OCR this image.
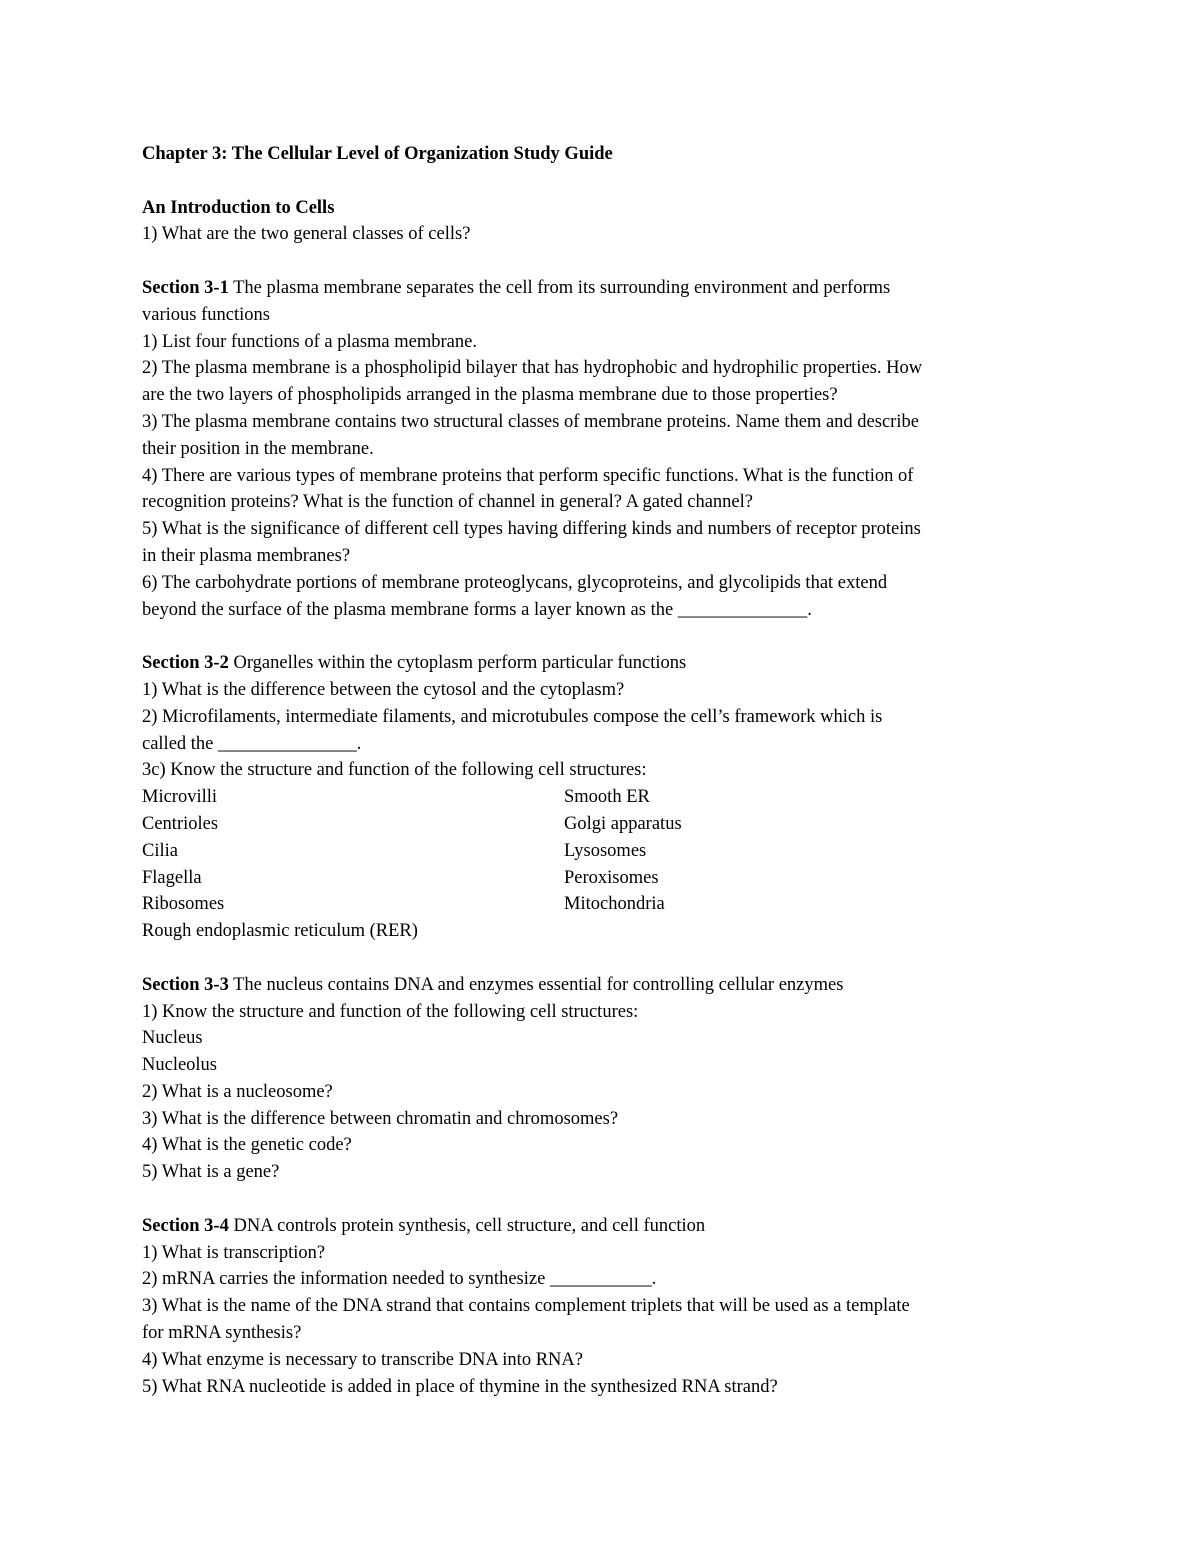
Chapter 3: The Cellular Level of Organization Study Guide
An Introduction to Cells
1) What are the two general classes of cells?
Section 3-1 The plasma membrane separates the cell from its surrounding environment and performs
various functions
1) List four functions of a plasma membrane.
2) The plasma membrane is a phospholipid bilayer that has hydrophobic and hydrophilic properties. How
are the two layers of phospholipids arranged in the plasma membrane due to those properties?
3) The plasma membrane contains two structural classes of membrane proteins. Name them and describe
their position in the membrane.
4) There are various types of membrane proteins that perform specific functions. What is the function of
recognition proteins? What is the function of channel in general? A gated channel?
5) What is the significance of different cell types having differing kinds and numbers of receptor proteins
in their plasma membranes?
6) The carbohydrate portions of membrane proteoglycans, glycoproteins, and glycolipids that extend
beyond the surface of the plasma membrane forms a layer known as the ______________.
Section 3-2 Organelles within the cytoplasm perform particular functions
1) What is the difference between the cytosol and the cytoplasm?
2) Microfilaments, intermediate filaments, and microtubules compose the cell’s framework which is
called the _______________.
3c) Know the structure and function of the following cell structures:
Microvilli	Smooth ER
Centrioles	Golgi apparatus
Cilia	Lysosomes
Flagella	Peroxisomes
Ribosomes	Mitochondria
Rough endoplasmic reticulum (RER)
Section 3-3 The nucleus contains DNA and enzymes essential for controlling cellular enzymes
1) Know the structure and function of the following cell structures:
Nucleus
Nucleolus
2) What is a nucleosome?
3) What is the difference between chromatin and chromosomes?
4) What is the genetic code?
5) What is a gene?
Section 3-4 DNA controls protein synthesis, cell structure, and cell function
1) What is transcription?
2) mRNA carries the information needed to synthesize ___________.
3) What is the name of the DNA strand that contains complement triplets that will be used as a template
for mRNA synthesis?
4) What enzyme is necessary to transcribe DNA into RNA?
5) What RNA nucleotide is added in place of thymine in the synthesized RNA strand?
